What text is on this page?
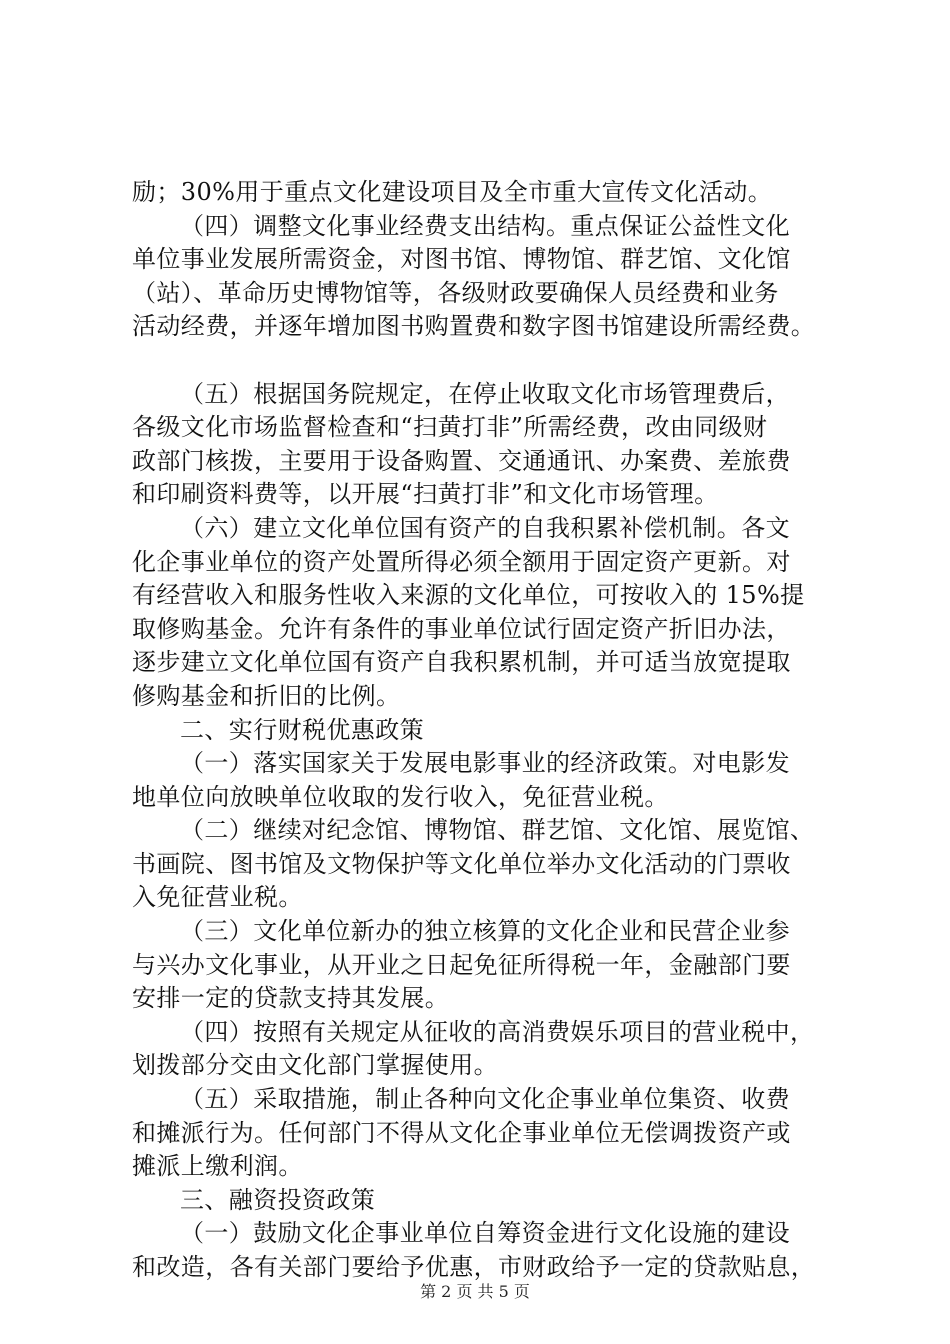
励；30%用于重点文化建设项目及全市重大宣传文化活动。
（四）调整文化事业经费支出结构。重点保证公益性文化
单位事业发展所需资金，对图书馆、博物馆、群艺馆、文化馆
（站）、革命历史博物馆等，各级财政要确保人员经费和业务
活动经费，并逐年增加图书购置费和数字图书馆建设所需经费。
（五）根据国务院规定，在停止收取文化市场管理费后，
各级文化市场监督检查和“扫黄打非”所需经费，改由同级财
政部门核拨，主要用于设备购置、交通通讯、办案费、差旅费
和印刷资料费等，以开展“扫黄打非”和文化市场管理。
（六）建立文化单位国有资产的自我积累补偿机制。各文
化企事业单位的资产处置所得必须全额用于固定资产更新。对
有经营收入和服务性收入来源的文化单位，可按收入的 15%提
取修购基金。允许有条件的事业单位试行固定资产折旧办法，
逐步建立文化单位国有资产自我积累机制，并可适当放宽提取
修购基金和折旧的比例。
二、实行财税优惠政策
（一）落实国家关于发展电影事业的经济政策。对电影发
地单位向放映单位收取的发行收入，免征营业税。
（二）继续对纪念馆、博物馆、群艺馆、文化馆、展览馆、
书画院、图书馆及文物保护等文化单位举办文化活动的门票收
入免征营业税。
（三）文化单位新办的独立核算的文化企业和民营企业参
与兴办文化事业，从开业之日起免征所得税一年，金融部门要
安排一定的贷款支持其发展。
（四）按照有关规定从征收的高消费娱乐项目的营业税中，
划拨部分交由文化部门掌握使用。
（五）采取措施，制止各种向文化企事业单位集资、收费
和摊派行为。任何部门不得从文化企事业单位无偿调拨资产或
摊派上缴利润。
三、融资投资政策
（一）鼓励文化企事业单位自筹资金进行文化设施的建设
和改造，各有关部门要给予优惠，市财政给予一定的贷款贴息，
第 2 页 共 5 页
